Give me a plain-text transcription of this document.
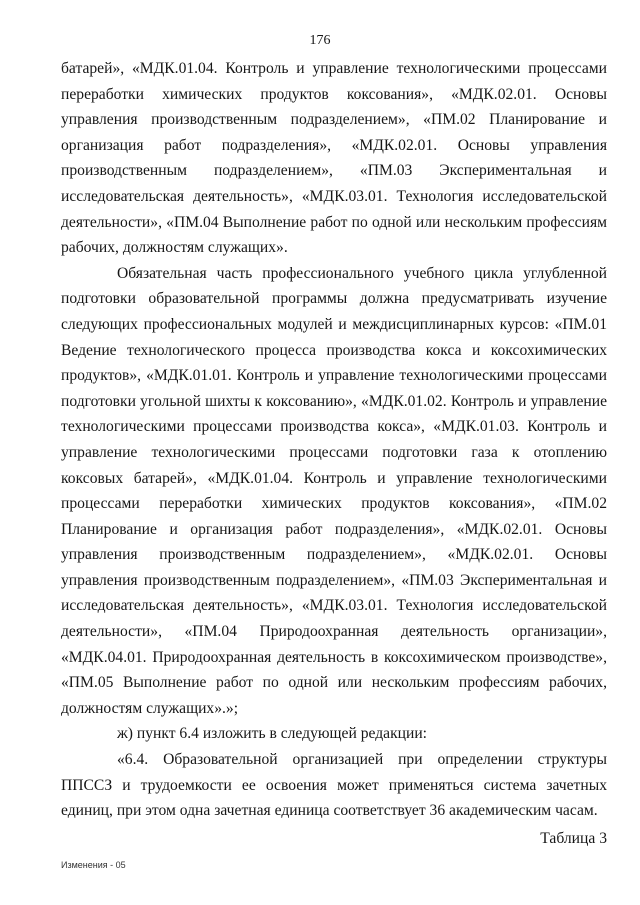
176

батарей», «МДК.01.04. Контроль и управление технологическими процессами переработки химических продуктов коксования», «МДК.02.01. Основы управления производственным подразделением», «ПМ.02 Планирование и организация работ подразделения», «МДК.02.01. Основы управления производственным подразделением», «ПМ.03 Экспериментальная и исследовательская деятельность», «МДК.03.01. Технология исследовательской деятельности», «ПМ.04 Выполнение работ по одной или нескольким профессиям рабочих, должностям служащих».

Обязательная часть профессионального учебного цикла углубленной подготовки образовательной программы должна предусматривать изучение следующих профессиональных модулей и междисциплинарных курсов: «ПМ.01 Ведение технологического процесса производства кокса и коксохимических продуктов», «МДК.01.01. Контроль и управление технологическими процессами подготовки угольной шихты к коксованию», «МДК.01.02. Контроль и управление технологическими процессами производства кокса», «МДК.01.03. Контроль и управление технологическими процессами подготовки газа к отоплению коксовых батарей», «МДК.01.04. Контроль и управление технологическими процессами переработки химических продуктов коксования», «ПМ.02 Планирование и организация работ подразделения», «МДК.02.01. Основы управления производственным подразделением», «МДК.02.01. Основы управления производственным подразделением», «ПМ.03 Экспериментальная и исследовательская деятельность», «МДК.03.01. Технология исследовательской деятельности», «ПМ.04 Природоохранная деятельность организации», «МДК.04.01. Природоохранная деятельность в коксохимическом производстве», «ПМ.05 Выполнение работ по одной или нескольким профессиям рабочих, должностям служащих».»;

ж) пункт 6.4 изложить в следующей редакции:

«6.4. Образовательной организацией при определении структуры ППССЗ и трудоемкости ее освоения может применяться система зачетных единиц, при этом одна зачетная единица соответствует 36 академическим часам.

Таблица 3

Изменения - 05
